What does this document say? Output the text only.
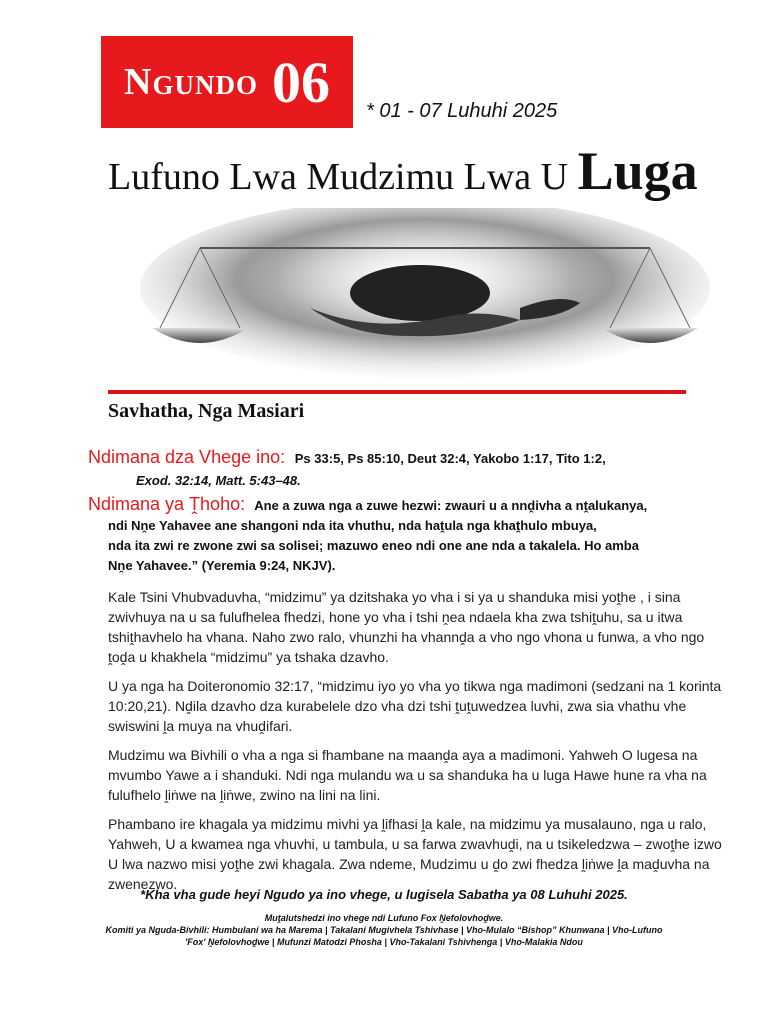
Ngundo 06 * 01 - 07 Luhuhi 2025
Lufuno Lwa Mudzimu Lwa U Luga
Savhatha, Nga Masiari
Ndimana dza Vhege ino: Ps 33:5, Ps 85:10, Deut 32:4, Yakobo 1:17, Tito 1:2,
Exod. 32:14, Matt. 5:43–48.
Ndimana ya Ṱhoho: Ane a zuwa nga a zuwe hezwi: zwauri u a nnḓivha a nṱalukanya,
ndi Nṋe Yahavee ane shangoni nda ita vhuthu, nda haṱula nga khaṱhulo mbuya,
nda ita zwi re zwone zwi sa solisei; mazuwo eneo ndi one ane nda a takalela. Ho amba
Nṋe Yahavee.” (Yeremia 9:24, NKJV).

Kale Tsini Vhubvaduvha, “midzimu” ya dzitshaka yo vha i si ya u shanduka misi yoṱhe , i sina zwivhuya na u sa fulufhelea fhedzi, hone yo vha i tshi ṋea ndaela kha zwa tshiṱuhu, sa u itwa tshiṱhavhelo ha vhana. Naho zwo ralo, vhunzhi ha vhannḓa a vho ngo vhona u funwa, a vho ngo ṱoḓa u khakhela “midzimu” ya tshaka dzavho.

U ya nga ha Doiteronomio 32:17, “midzimu iyo yo vha yo tikwa nga madimoni (sedzani na 1 korinta 10:20,21). Nḓila dzavho dza kurabelele dzo vha dzi tshi ṱuṱuwedzea luvhi, zwa sia vhathu vhe swiswini ḽa muya na vhuḓifari.

Mudzimu wa Bivhili o vha a nga si fhambane na maanḓa aya a madimoni. Yahweh O lugesa na mvumbo Yawe a i shanduki. Ndi nga mulandu wa u sa shanduka ha u luga Hawe hune ra vha na fulufhelo ḽiṅwe na ḽiṅwe, zwino na lini na lini.

Phambano ire khagala ya midzimu mivhi ya ḽifhasi ḽa kale, na midzimu ya musalauno, nga u ralo, Yahweh, U a kwamea nga vhuvhi, u tambula, u sa farwa zwavhuḓi, na u tsikeledzwa – zwoṱhe izwo U lwa nazwo misi yoṱhe zwi khagala. Zwa ndeme, Mudzimu u ḓo zwi fhedza ḽiṅwe ḽa maḓuvha na zwenezwo.

*Kha vha gude heyi Ngudo ya ino vhege, u lugisela Sabatha ya 08 Luhuhi 2025.
Muṱalutshedzi ino vhege ndi Lufuno Fox Ṋefolovhoḓwe.
Komiti ya Nguda-Bivhili: Humbulani wa ha Marema | Takalani Mugivhela Tshivhase | Vho-Mulalo “Bishop” Khunwana | Vho-Lufuno
'Fox' Ṋefolovhoḓwe | Mufunzi Matodzi Phosha | Vho-Takalani Tshivhenga | Vho-Malakia Ndou
